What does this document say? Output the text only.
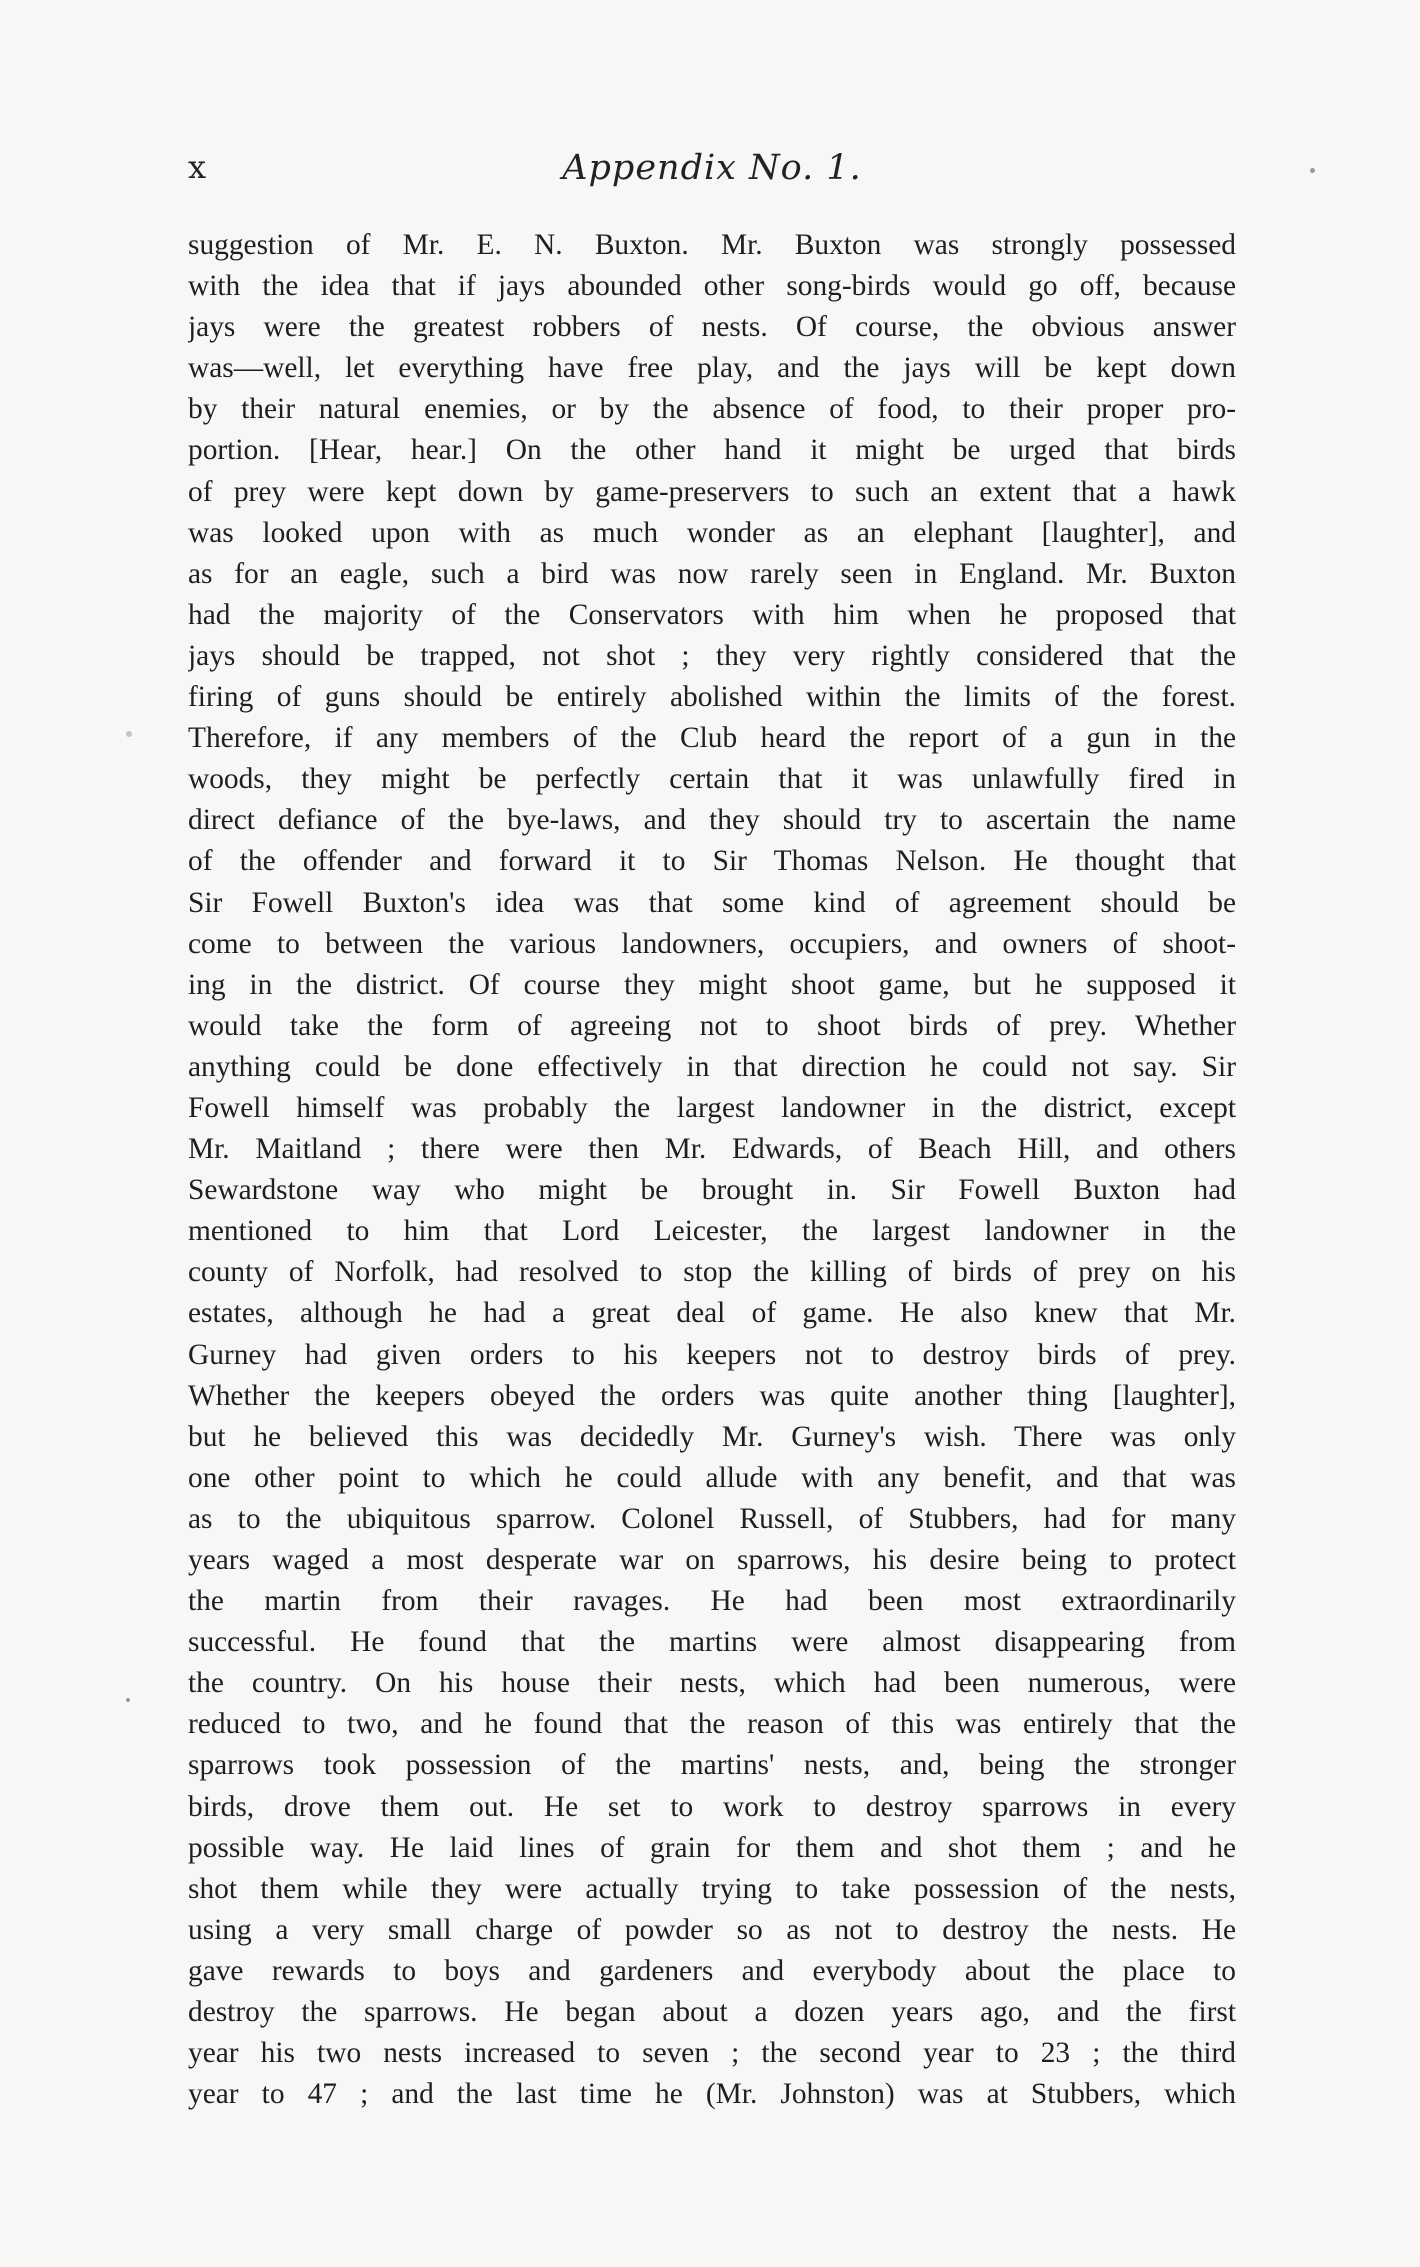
x	Appendix No. 1.
suggestion of Mr. E. N. Buxton. Mr. Buxton was strongly possessed
with the idea that if jays abounded other song-birds would go off, because
jays were the greatest robbers of nests. Of course, the obvious answer
was—well, let everything have free play, and the jays will be kept down
by their natural enemies, or by the absence of food, to their proper pro-
portion. [Hear, hear.] On the other hand it might be urged that birds
of prey were kept down by game-preservers to such an extent that a hawk
was looked upon with as much wonder as an elephant [laughter], and
as for an eagle, such a bird was now rarely seen in England. Mr. Buxton
had the majority of the Conservators with him when he proposed that
jays should be trapped, not shot ; they very rightly considered that the
firing of guns should be entirely abolished within the limits of the forest.
Therefore, if any members of the Club heard the report of a gun in the
woods, they might be perfectly certain that it was unlawfully fired in
direct defiance of the bye-laws, and they should try to ascertain the name
of the offender and forward it to Sir Thomas Nelson. He thought that
Sir Fowell Buxton's idea was that some kind of agreement should be
come to between the various landowners, occupiers, and owners of shoot-
ing in the district. Of course they might shoot game, but he supposed it
would take the form of agreeing not to shoot birds of prey. Whether
anything could be done effectively in that direction he could not say. Sir
Fowell himself was probably the largest landowner in the district, except
Mr. Maitland ; there were then Mr. Edwards, of Beach Hill, and others
Sewardstone way who might be brought in. Sir Fowell Buxton had
mentioned to him that Lord Leicester, the largest landowner in the
county of Norfolk, had resolved to stop the killing of birds of prey on his
estates, although he had a great deal of game. He also knew that Mr.
Gurney had given orders to his keepers not to destroy birds of prey.
Whether the keepers obeyed the orders was quite another thing [laughter],
but he believed this was decidedly Mr. Gurney's wish. There was only
one other point to which he could allude with any benefit, and that was
as to the ubiquitous sparrow. Colonel Russell, of Stubbers, had for many
years waged a most desperate war on sparrows, his desire being to protect
the martin from their ravages. He had been most extraordinarily
successful. He found that the martins were almost disappearing from
the country. On his house their nests, which had been numerous, were
reduced to two, and he found that the reason of this was entirely that the
sparrows took possession of the martins' nests, and, being the stronger
birds, drove them out. He set to work to destroy sparrows in every
possible way. He laid lines of grain for them and shot them ; and he
shot them while they were actually trying to take possession of the nests,
using a very small charge of powder so as not to destroy the nests. He
gave rewards to boys and gardeners and everybody about the place to
destroy the sparrows. He began about a dozen years ago, and the first
year his two nests increased to seven ; the second year to 23 ; the third
year to 47 ; and the last time he (Mr. Johnston) was at Stubbers, which
